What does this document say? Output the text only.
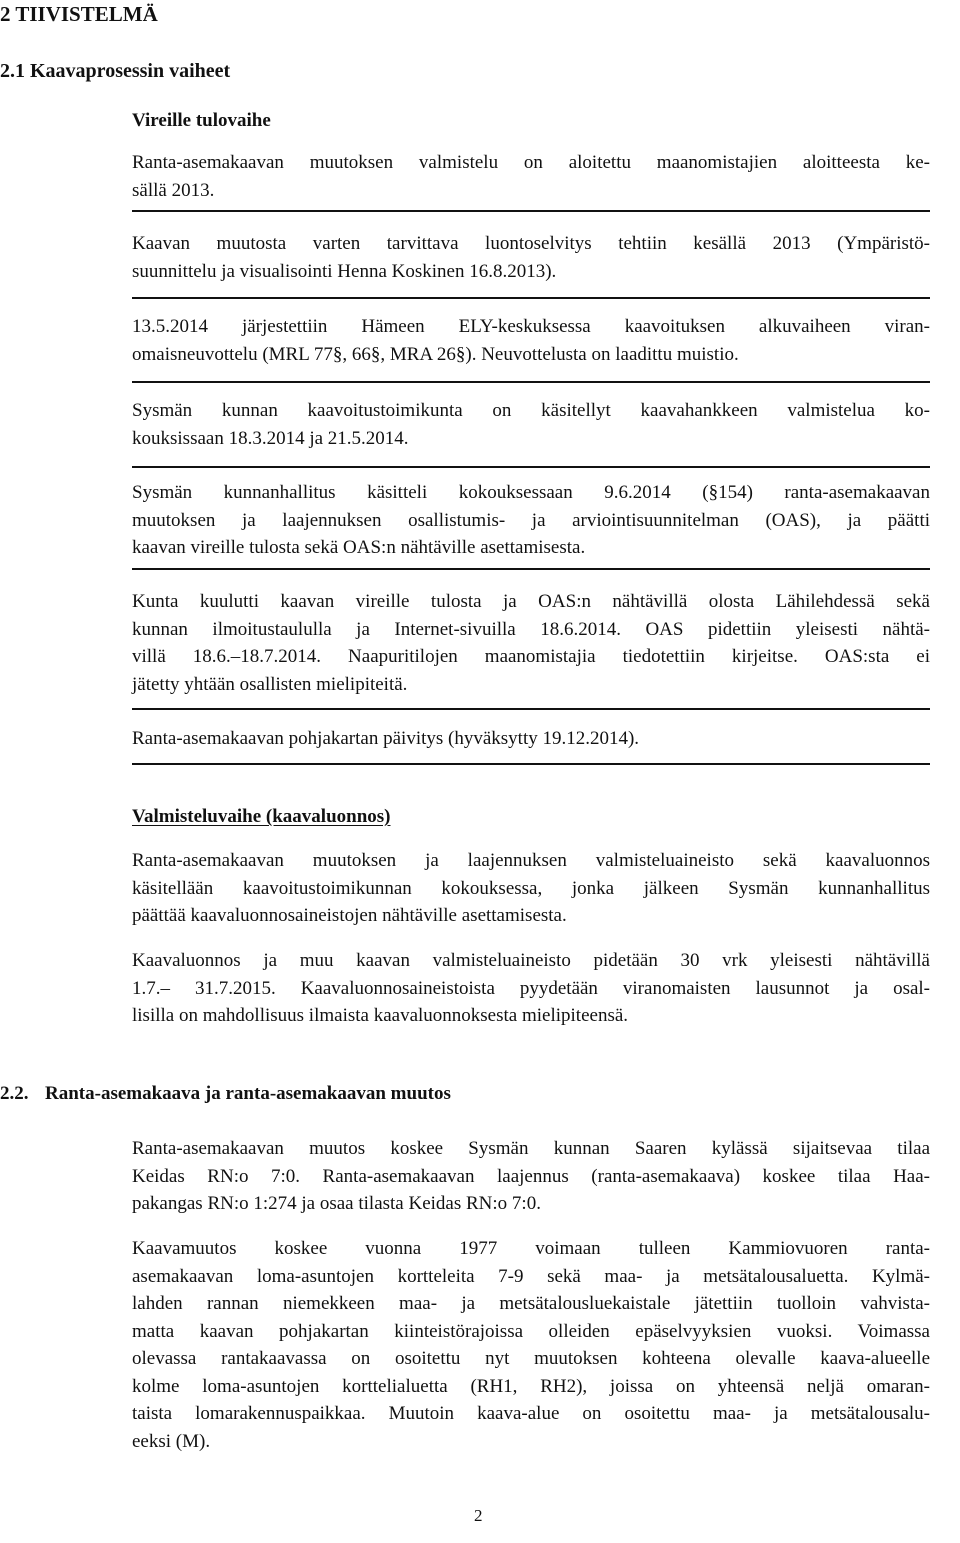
2 TIIVISTELMÄ
2.1 Kaavaprosessin vaiheet
Vireille tulovaihe
Ranta-asemakaavan muutoksen valmistelu on aloitettu maanomistajien aloitteesta ke-
sällä 2013.
Kaavan muutosta varten tarvittava luontoselvitys tehtiin kesällä 2013 (Ympäristö-
suunnittelu ja visualisointi Henna Koskinen 16.8.2013).
13.5.2014 järjestettiin Hämeen ELY-keskuksessa kaavoituksen alkuvaiheen viran-
omaisneuvottelu (MRL 77§, 66§, MRA 26§). Neuvottelusta on laadittu muistio.
Sysmän kunnan kaavoitustoimikunta on käsitellyt kaavahankkeen valmistelua ko-
kouksissaan 18.3.2014 ja 21.5.2014.
Sysmän kunnanhallitus käsitteli kokouksessaan 9.6.2014 (§154) ranta-asemakaavan
muutoksen ja laajennuksen osallistumis- ja arviointisuunnitelman (OAS), ja päätti
kaavan vireille tulosta sekä OAS:n nähtäville asettamisesta.
Kunta kuulutti kaavan vireille tulosta ja OAS:n nähtävillä olosta Lähilehdessä sekä
kunnan ilmoitustaululla ja Internet-sivuilla 18.6.2014. OAS pidettiin yleisesti nähtä-
villä 18.6.–18.7.2014. Naapuritilojen maanomistajia tiedotettiin kirjeitse. OAS:sta ei
jätetty yhtään osallisten mielipiteitä.
Ranta-asemakaavan pohjakartan päivitys (hyväksytty 19.12.2014).
Valmisteluvaihe (kaavaluonnos)
Ranta-asemakaavan muutoksen ja laajennuksen valmisteluaineisto sekä kaavaluonnos
käsitellään kaavoitustoimikunnan kokouksessa, jonka jälkeen Sysmän kunnanhallitus
päättää kaavaluonnosaineistojen nähtäville asettamisesta.
Kaavaluonnos ja muu kaavan valmisteluaineisto pidetään 30 vrk yleisesti nähtävillä
1.7.– 31.7.2015. Kaavaluonnosaineistoista pyydetään viranomaisten lausunnot ja osal-
lisilla on mahdollisuus ilmaista kaavaluonnoksesta mielipiteensä.
2.2. Ranta-asemakaava ja ranta-asemakaavan muutos
Ranta-asemakaavan muutos koskee Sysmän kunnan Saaren kylässä sijaitsevaa tilaa
Keidas RN:o 7:0. Ranta-asemakaavan laajennus (ranta-asemakaava) koskee tilaa Haa-
pakangas RN:o 1:274 ja osaa tilasta Keidas RN:o 7:0.
Kaavamuutos koskee vuonna 1977 voimaan tulleen Kammiovuoren ranta-
asemakaavan loma-asuntojen kortteleita 7-9 sekä maa- ja metsätalousaluetta. Kylmä-
lahden rannan niemekkeen maa- ja metsätalousluekaistale jätettiin tuolloin vahvista-
matta kaavan pohjakartan kiinteistörajoissa olleiden epäselvyyksien vuoksi. Voimassa
olevassa rantakaavassa on osoitettu nyt muutoksen kohteena olevalle kaava-alueelle
kolme loma-asuntojen korttelialuetta (RH1, RH2), joissa on yhteensä neljä omaran-
taista lomarakennuspaikkaa. Muutoin kaava-alue on osoitettu maa- ja metsätalousalu-
eeksi (M).
2
